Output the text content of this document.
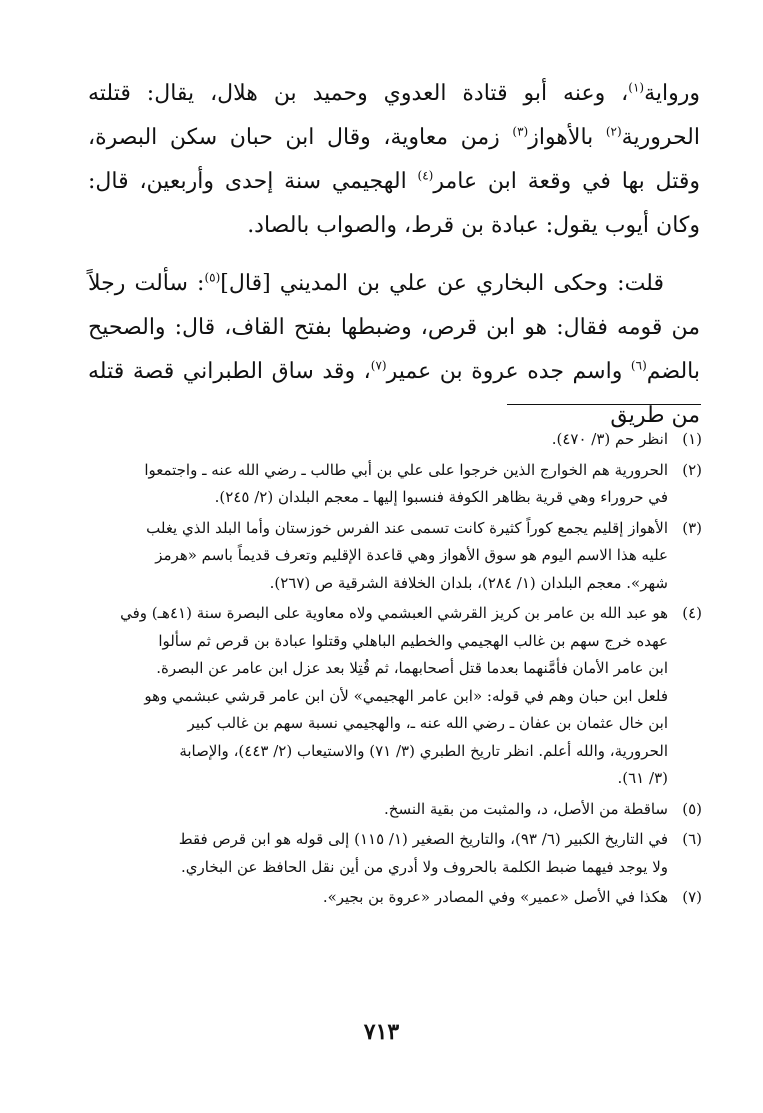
ورواية$^{(١)}$، وعنه أبو قتادة العدوي وحميد بن هلال، يقال: قتلته الحرورية$^{(٢)}$ بالأهواز$^{(٣)}$ زمن معاوية، وقال ابن حبان سكن البصرة، وقتل بها في وقعة ابن عامر$^{(٤)}$ الهجيمي سنة إحدى وأربعين، قال: وكان أيوب يقول: عبادة بن قرط، والصواب بالصاد.

قلت: وحكى البخاري عن علي بن المديني [قال]$^{(٥)}$: سألت رجلاً من قومه فقال: هو ابن قرص، وضبطها بفتح القاف، قال: والصحيح بالضم$^{(٦)}$ واسم جده عروة بن عمير$^{(٧)}$، وقد ساق الطبراني قصة قتله من طريق

(١)
انظر حم (٣/ ٤٧٠).
(٢)
الحرورية هم الخوارج الذين خرجوا على علي بن أبي طالب ـ رضي الله عنه ـ واجتمعوا
في حروراء وهي قرية بظاهر الكوفة فنسبوا إليها ـ معجم البلدان (٢/ ٢٤٥).
(٣)
الأهواز إقليم يجمع كوراً كثيرة كانت تسمى عند الفرس خوزستان وأما البلد الذي يغلب
عليه هذا الاسم اليوم هو سوق الأهواز وهي قاعدة الإقليم وتعرف قديماً باسم «هرمز
شهر». معجم البلدان (١/ ٢٨٤)، بلدان الخلافة الشرقية ص (٢٦٧).
(٤)
هو عبد الله بن عامر بن كريز القرشي العبشمي ولاه معاوية على البصرة سنة (٤١هـ) وفي
عهده خرج سهم بن غالب الهجيمي والخطيم الباهلي وقتلوا عبادة بن قرص ثم سألوا
ابن عامر الأمان فأمَّنهما بعدما قتل أصحابهما، ثم قُتِلا بعد عزل ابن عامر عن البصرة.
فلعل ابن حبان وهم في قوله: «ابن عامر الهجيمي» لأن ابن عامر قرشي عبشمي وهو
ابن خال عثمان بن عفان ـ رضي الله عنه ـ، والهجيمي نسبة سهم بن غالب كبير
الحرورية، والله أعلم. انظر تاريخ الطبري (٣/ ٧١) والاستيعاب (٢/ ٤٤٣)، والإصابة
(٣/ ٦١).
(٥)
ساقطة من الأصل، د، والمثبت من بقية النسخ.
(٦)
في التاريخ الكبير (٦/ ٩٣)، والتاريخ الصغير (١/ ١١٥) إلى قوله هو ابن قرص فقط
ولا يوجد فيهما ضبط الكلمة بالحروف ولا أدري من أين نقل الحافظ عن البخاري.
(٧)
هكذا في الأصل «عمير» وفي المصادر «عروة بن بجير».
٧١٣
